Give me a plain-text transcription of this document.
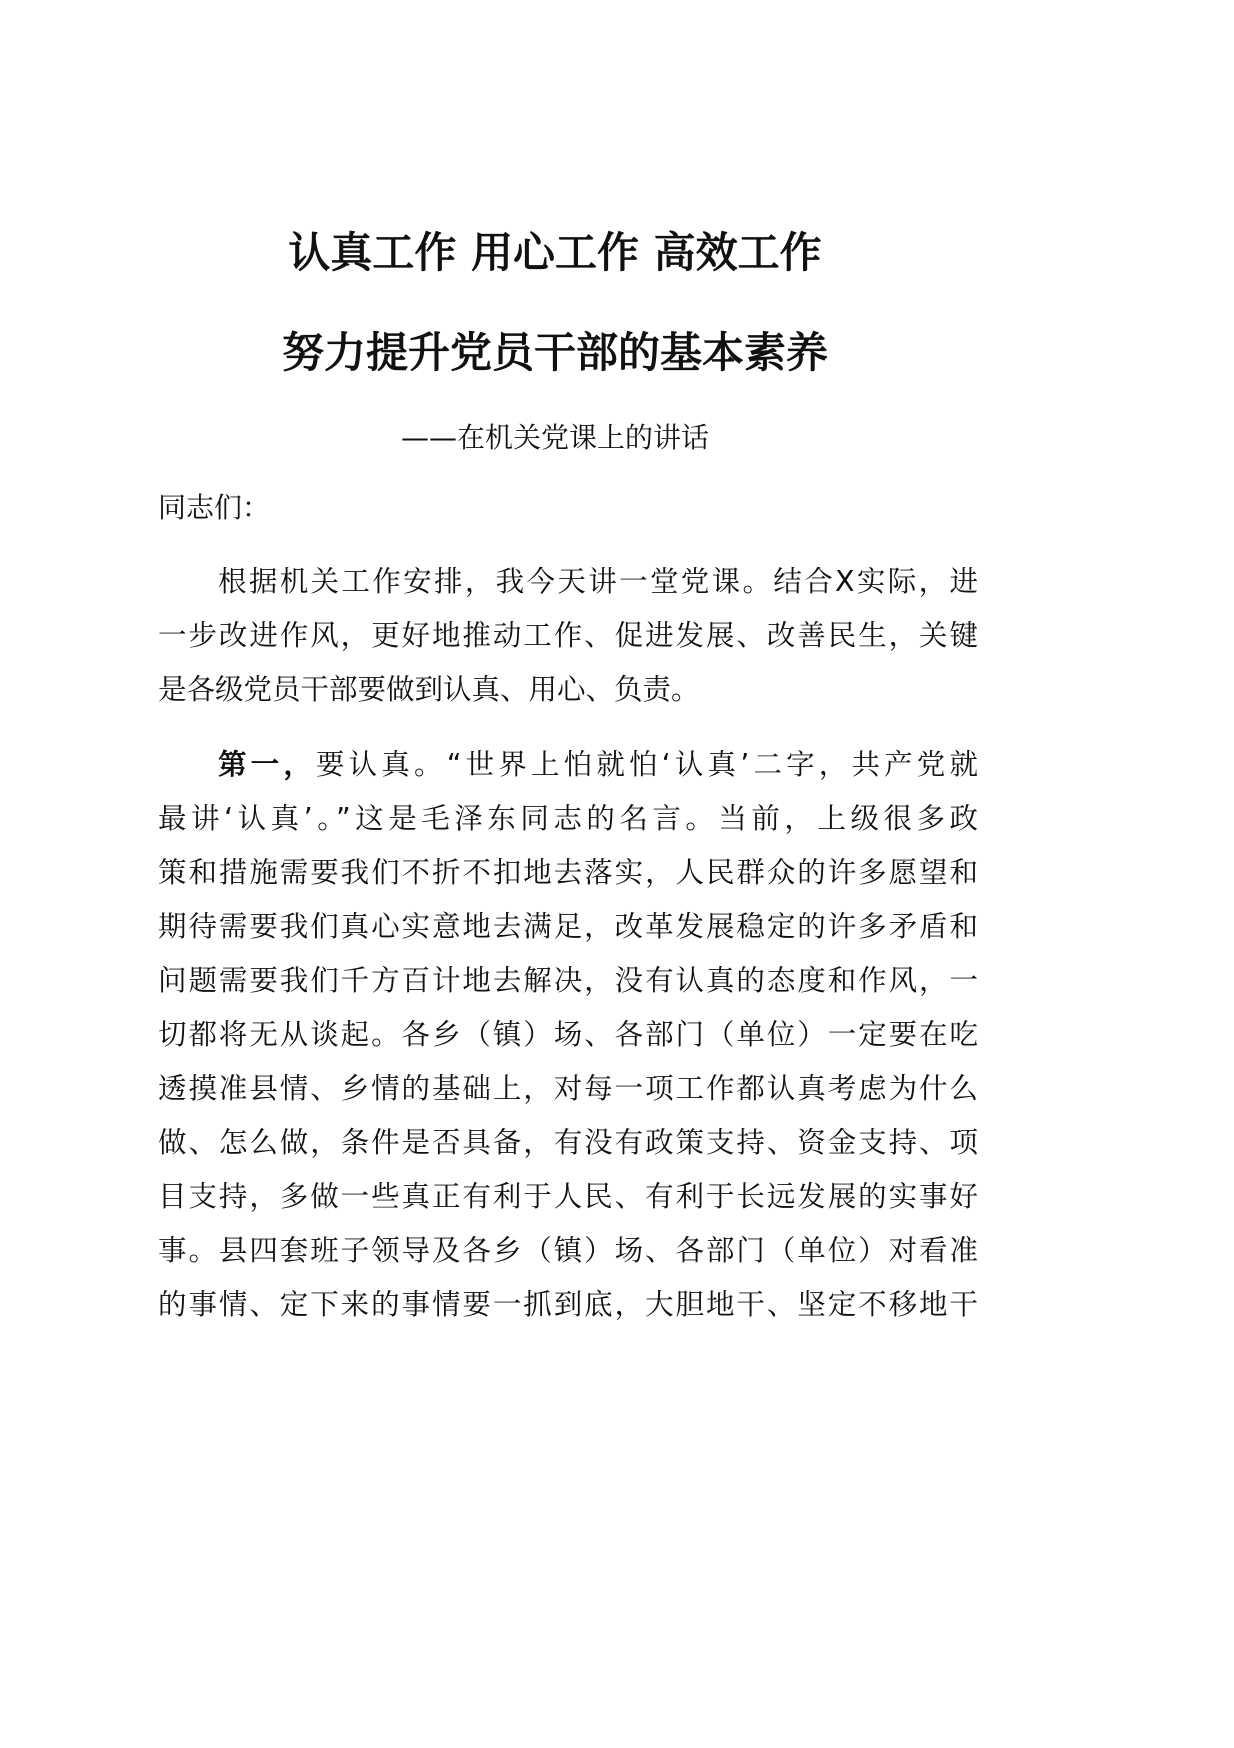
认真工作 用心工作 高效工作
努力提升党员干部的基本素养
——在机关党课上的讲话
同志们：
根据机关工作安排，我今天讲一堂党课。结合X实际，进
一步改进作风，更好地推动工作、促进发展、改善民生，关键
是各级党员干部要做到认真、用心、负责。
第一，要认真。“世界上怕就怕‘认真’二字，共产党就
最讲‘认真’。”这是毛泽东同志的名言。当前，上级很多政
策和措施需要我们不折不扣地去落实，人民群众的许多愿望和
期待需要我们真心实意地去满足，改革发展稳定的许多矛盾和
问题需要我们千方百计地去解决，没有认真的态度和作风，一
切都将无从谈起。各乡（镇）场、各部门（单位）一定要在吃
透摸准县情、乡情的基础上，对每一项工作都认真考虑为什么
做、怎么做，条件是否具备，有没有政策支持、资金支持、项
目支持，多做一些真正有利于人民、有利于长远发展的实事好
事。县四套班子领导及各乡（镇）场、各部门（单位）对看准
的事情、定下来的事情要一抓到底，大胆地干、坚定不移地干
